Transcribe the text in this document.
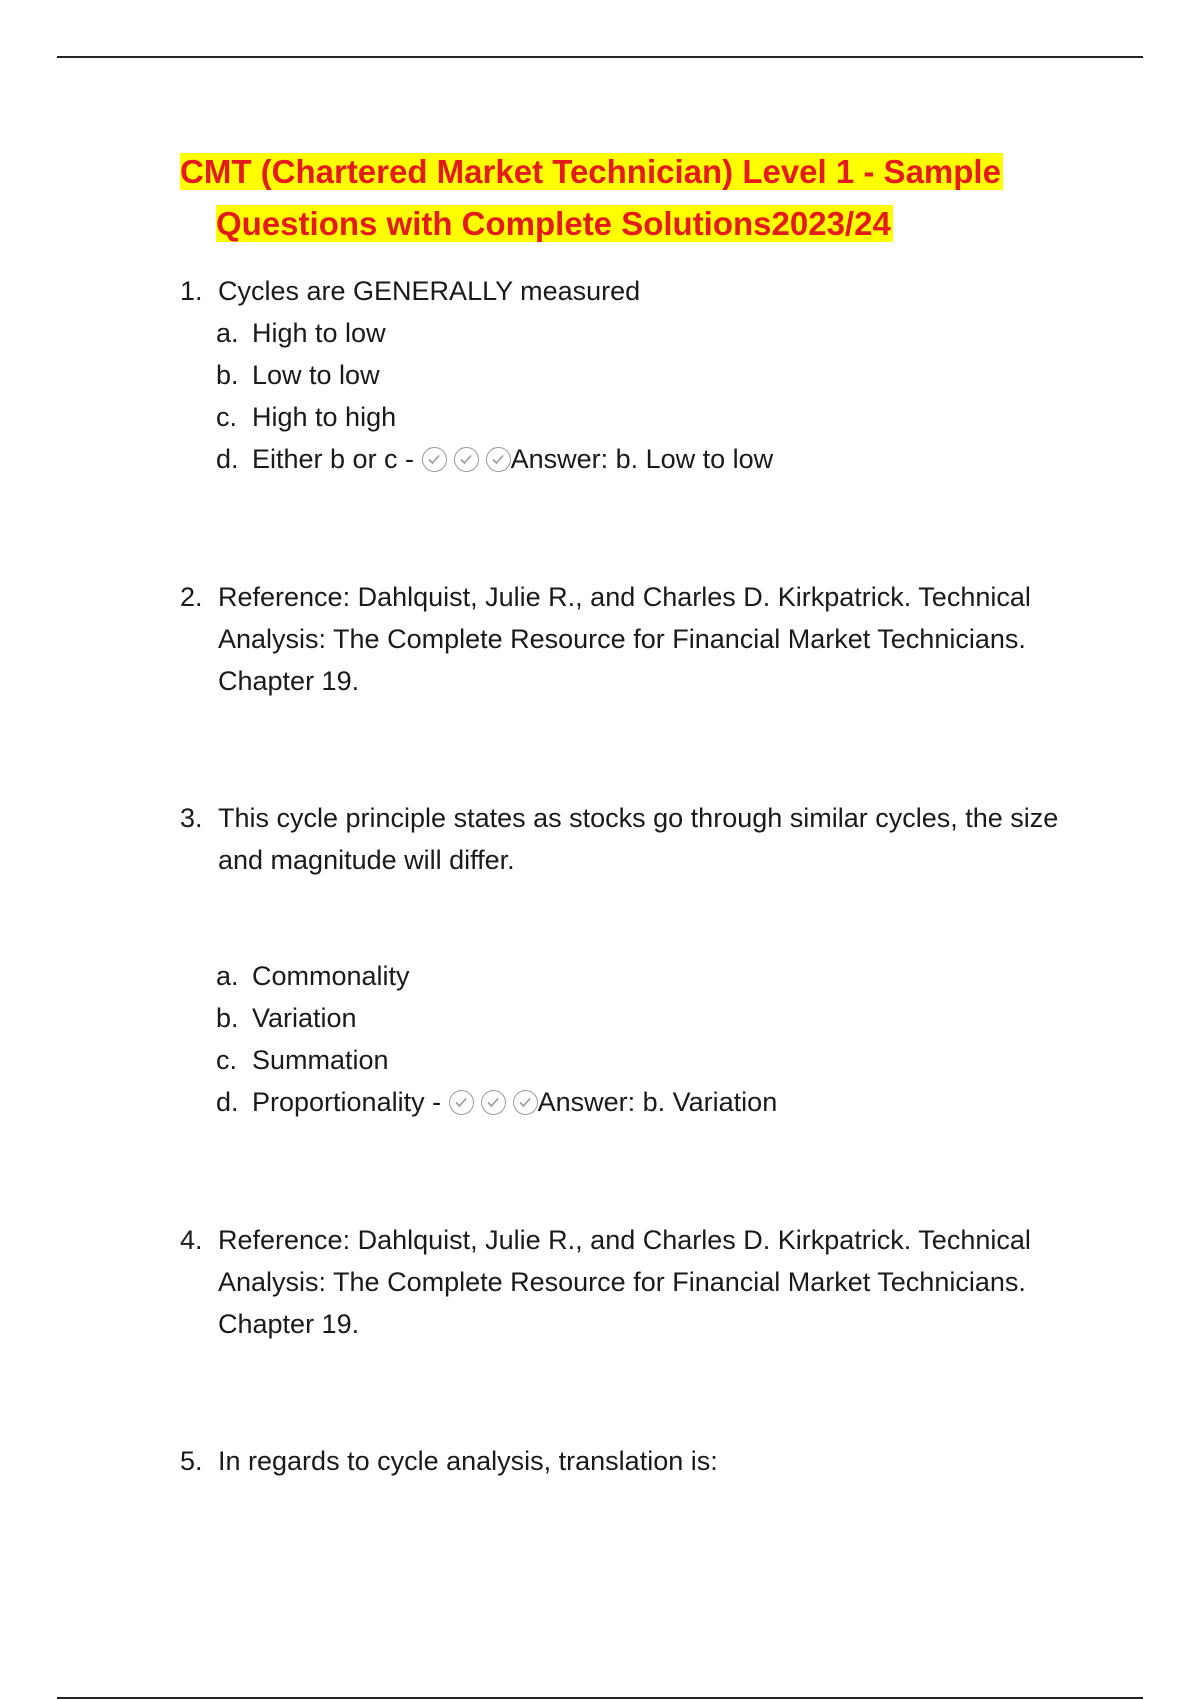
CMT (Chartered Market Technician) Level 1 - Sample
Questions with Complete Solutions2023/24
1. Cycles are GENERALLY measured
a. High to low
b. Low to low
c. High to high
d. Either b or c -	Answer: b. Low to low
2. Reference: Dahlquist, Julie R., and Charles D. Kirkpatrick. Technical Analysis: The Complete Resource for Financial Market Technicians. Chapter 19.
3. This cycle principle states as stocks go through similar cycles, the size and magnitude will differ.
a. Commonality
b. Variation
c. Summation
d. Proportionality -	Answer: b. Variation
4. Reference: Dahlquist, Julie R., and Charles D. Kirkpatrick. Technical Analysis: The Complete Resource for Financial Market Technicians. Chapter 19.
5. In regards to cycle analysis, translation is:
